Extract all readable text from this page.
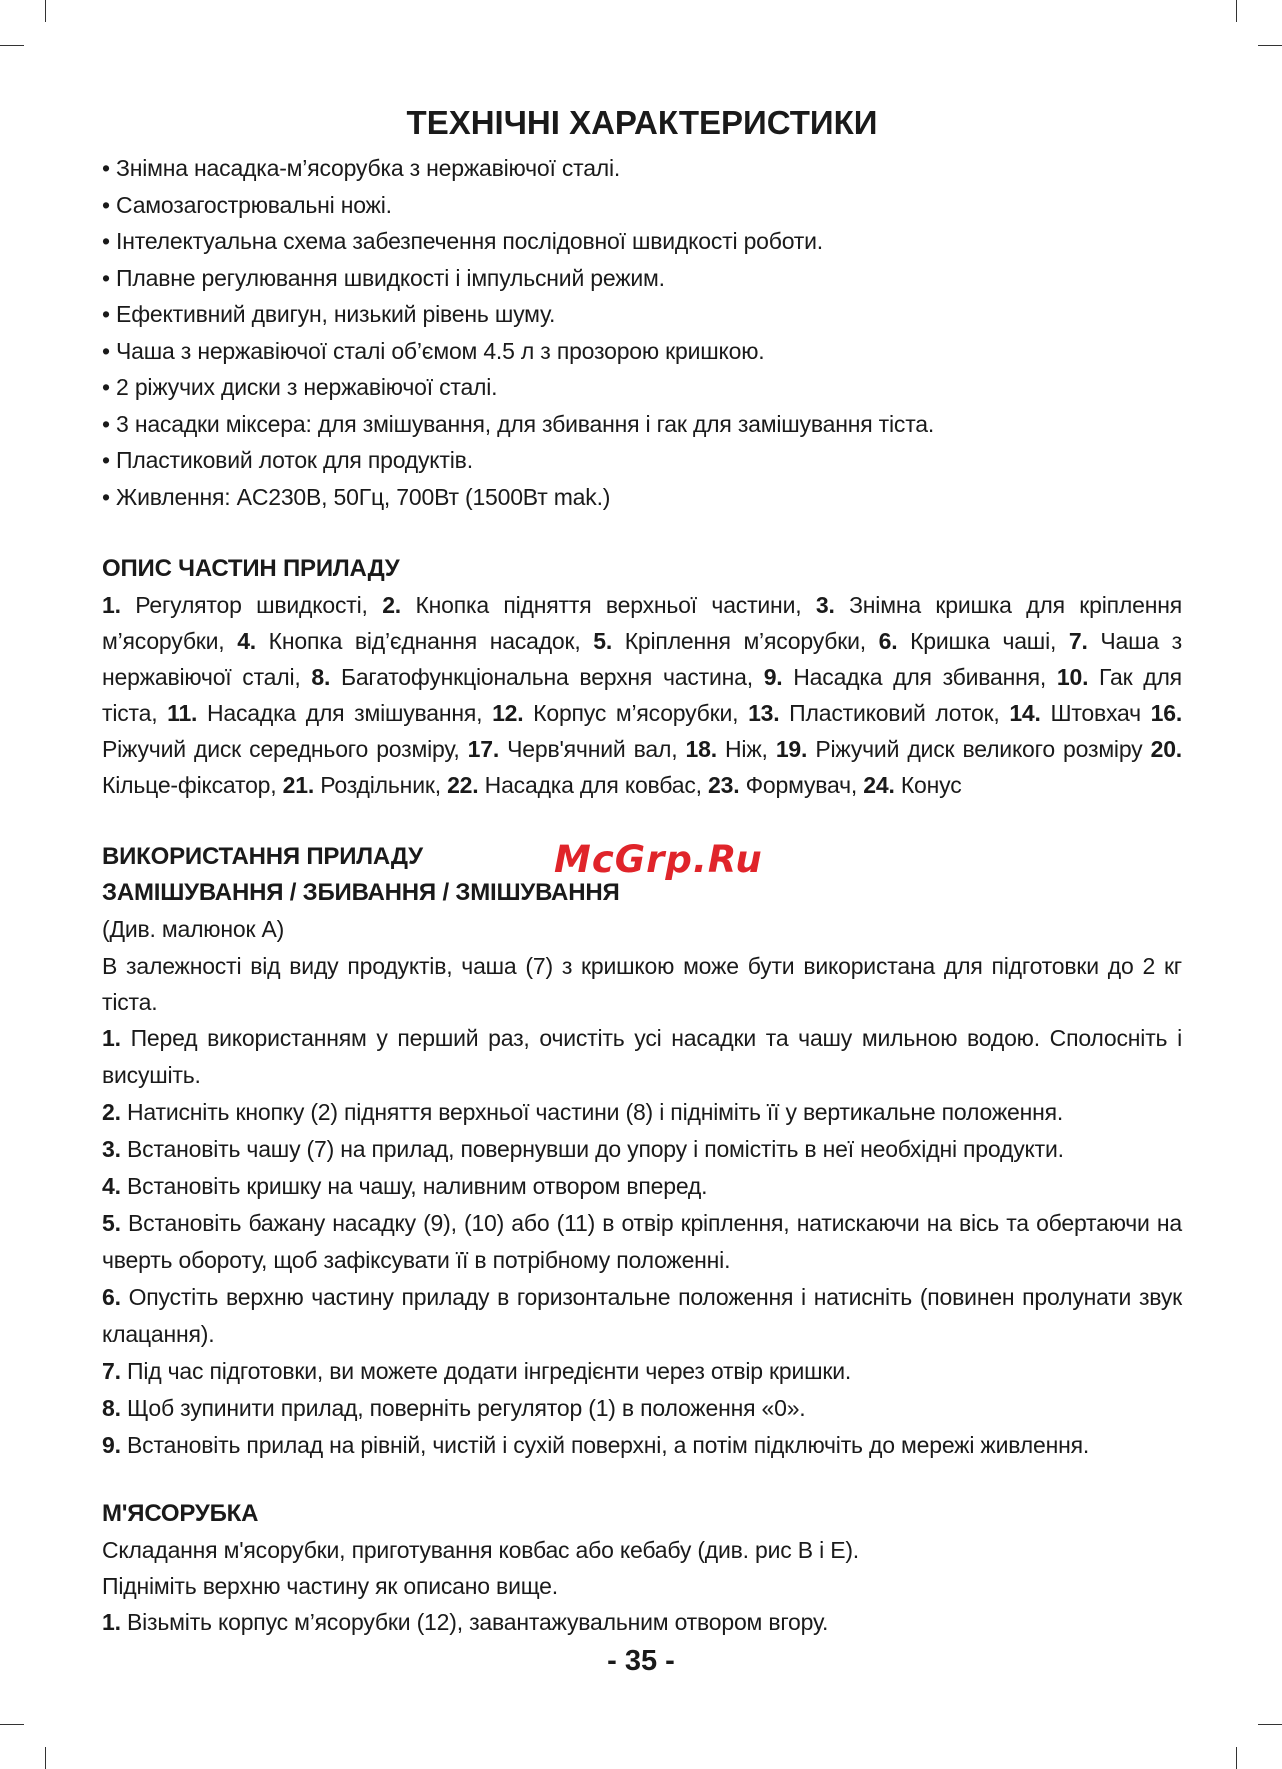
ТЕХНІЧНІ ХАРАКТЕРИСТИКИ
• Знімна насадка-м’ясорубка з нержавіючої сталі.
• Самозагострювальні ножі.
• Інтелектуальна схема забезпечення послідовної швидкості роботи.
• Плавне регулювання швидкості і імпульсний режим.
• Ефективний двигун, низький рівень шуму.
• Чаша з нержавіючої сталі об’ємом 4.5 л з прозорою кришкою.
• 2 ріжучих диски з нержавіючої сталі.
• 3 насадки міксера: для змішування, для збивання і гак для замішування тіста.
• Пластиковий лоток для продуктів.
• Живлення: AC230В, 50Гц, 700Вт (1500Вт mak.)
ОПИС ЧАСТИН ПРИЛАДУ

1. Регулятор швидкості, 2. Кнопка підняття верхньої частини, 3. Знімна кришка для кріплення м’ясорубки, 4. Кнопка від’єднання насадок, 5. Кріплення м’ясорубки, 6. Кришка чаші, 7. Чаша з нержавіючої сталі, 8. Багатофункціональна верхня частина, 9. Насадка для збивання, 10. Гак для тіста, 11. Насадка для змішування, 12. Корпус м’ясорубки, 13. Пластиковий лоток, 14. Штовхач 16. Ріжучий диск середнього розміру, 17. Черв'ячний вал, 18. Ніж, 19. Ріжучий диск великого розміру 20. Кільце-фіксатор, 21. Роздільник, 22. Насадка для ковбас, 23. Формувач, 24. Конус

ВИКОРИСТАННЯ ПРИЛАДУ
ЗАМІШУВАННЯ / ЗБИВАННЯ / ЗМІШУВАННЯ

(Див. малюнок А)

В залежності від виду продуктів, чаша (7) з кришкою може бути використана для підготовки до 2 кг тіста.

1. Перед використанням у перший раз, очистіть усі насадки та чашу мильною водою. Сполосніть і висушіть.

2. Натисніть кнопку (2) підняття верхньої частини (8) і підніміть її у вертикальне положення.

3. Встановіть чашу (7) на прилад, повернувши до упору і помістіть в неї необхідні продукти.

4. Встановіть кришку на чашу, наливним отвором вперед.

5. Встановіть бажану насадку (9), (10) або (11) в отвір кріплення, натискаючи на вісь та обертаючи на чверть обороту, щоб зафіксувати її в потрібному положенні.

6. Опустіть верхню частину приладу в горизонтальне положення і натисніть (повинен пролунати звук клацання).

7. Під час підготовки, ви можете додати інгредієнти через отвір кришки.

8. Щоб зупинити прилад, поверніть регулятор (1) в положення «0».

9. Встановіть прилад на рівній, чистій і сухій поверхні, а потім підключіть до мережі живлення.

М'ЯСОРУБКА

Складання м'ясорубки, приготування ковбас або кебабу (див. рис В і Е).

Підніміть верхню частину як описано вище.

1. Візьміть корпус м’ясорубки (12), завантажувальним отвором вгору.

McGrp.Ru
- 35 -
